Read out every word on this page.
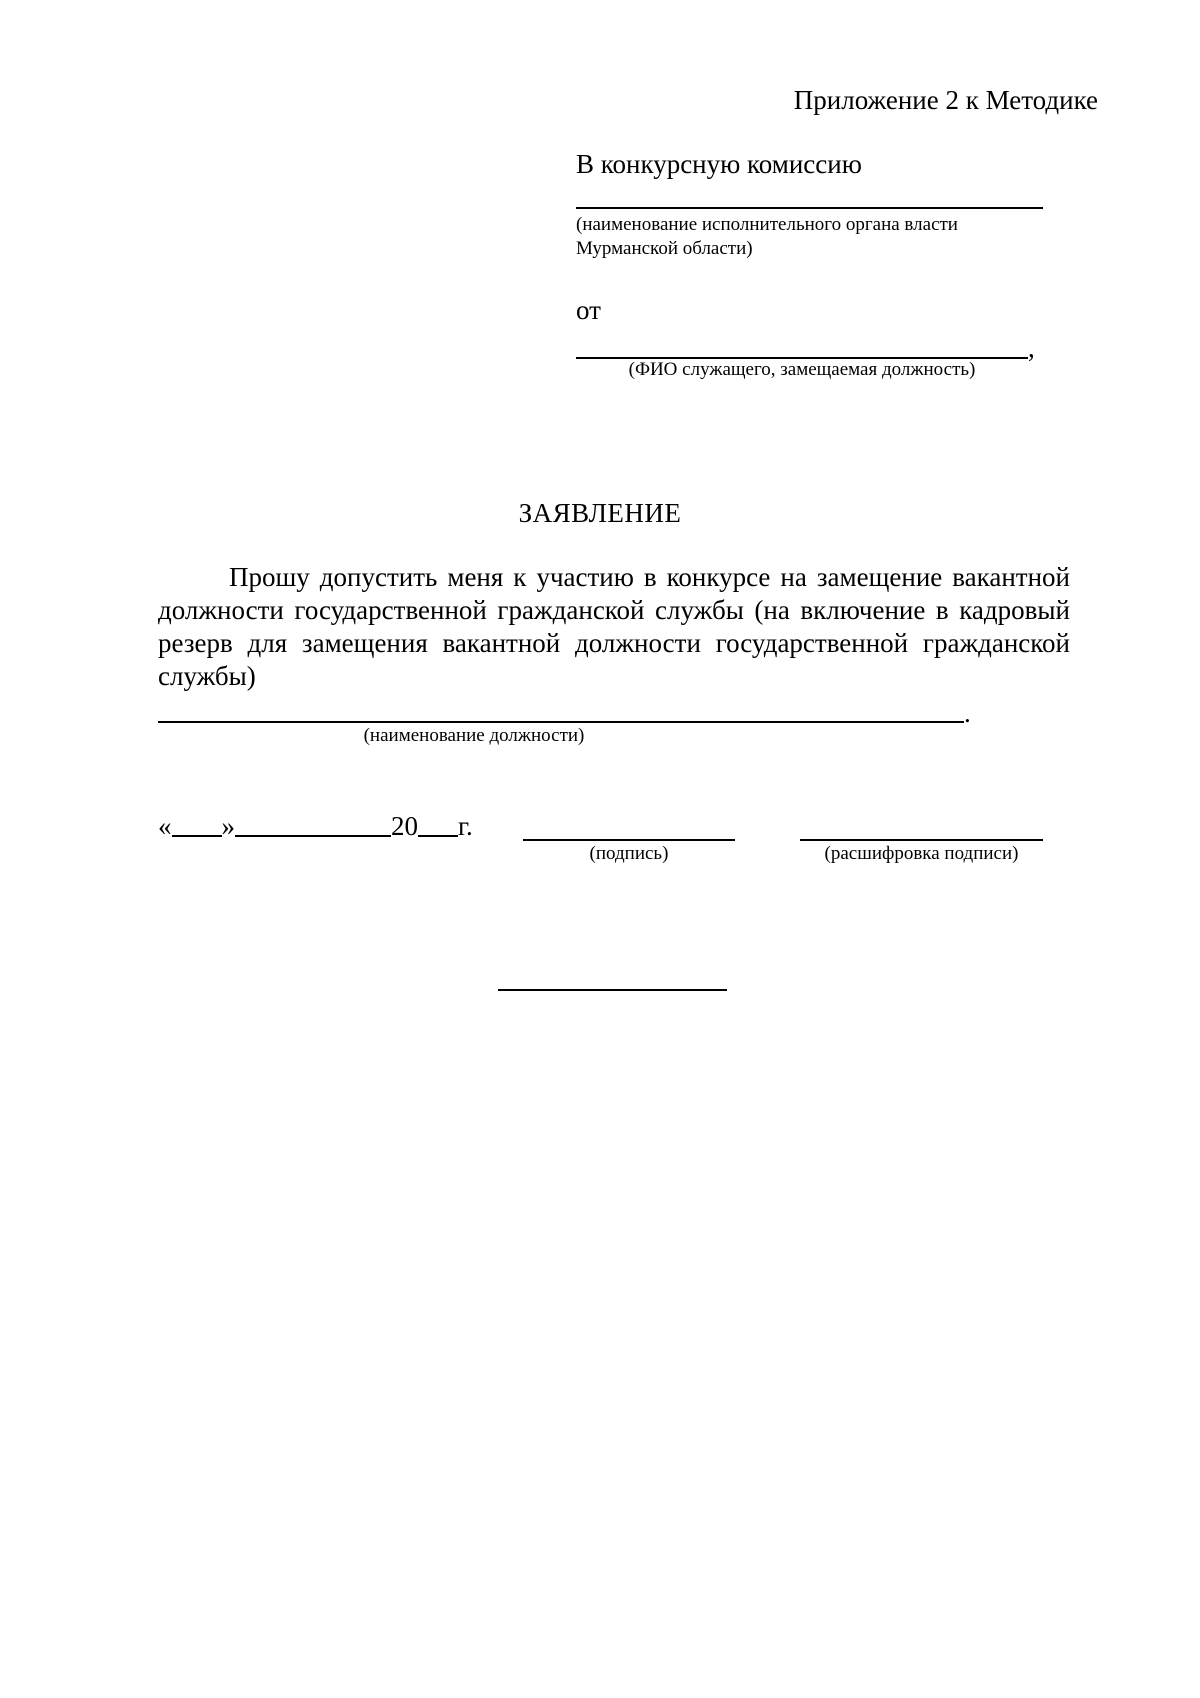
Приложение 2 к Методике
В конкурсную комиссию
(наименование исполнительного органа власти Мурманской области)
от
,
(ФИО служащего, замещаемая должность)
ЗАЯВЛЕНИЕ

Прошу допустить меня к участию в конкурсе на замещение вакантной должности государственной гражданской службы (на включение в кадровый резерв для замещения вакантной должности государственной гражданской службы)

.
(наименование должности)
« »	20 г.
(подпись)	(расшифровка подписи)
